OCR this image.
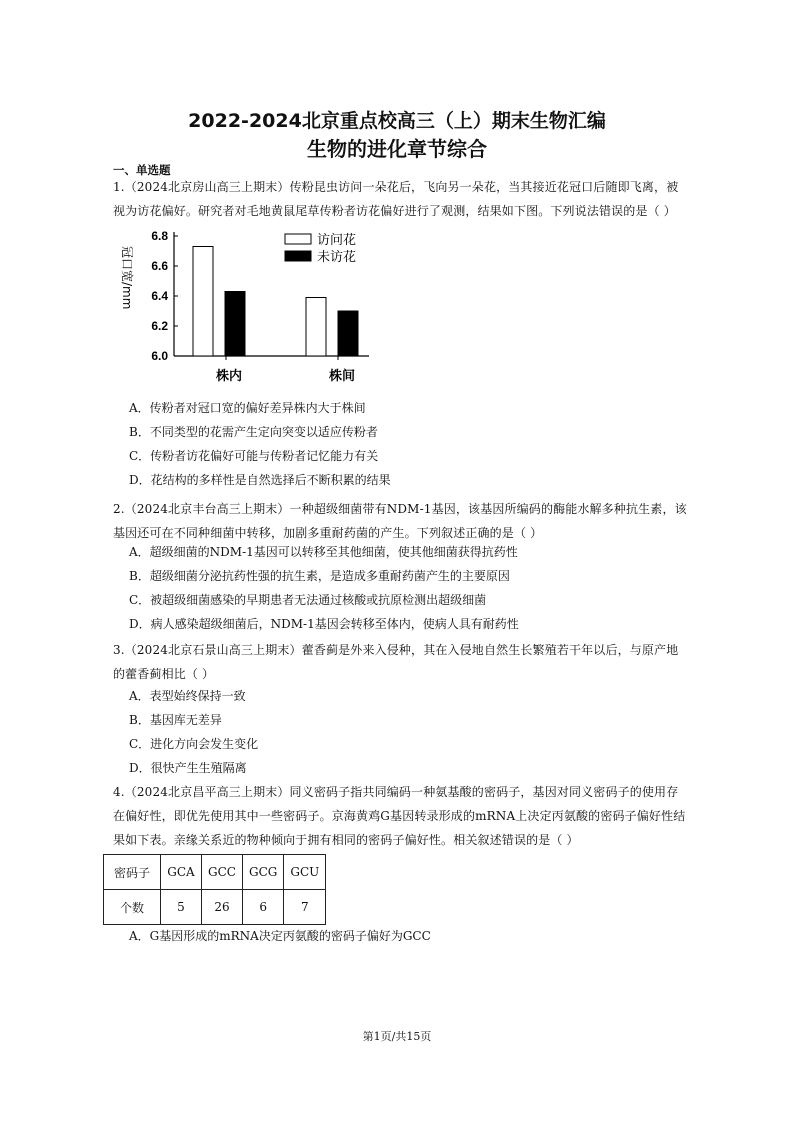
2022-2024北京重点校高三（上）期末生物汇编
生物的进化章节综合
一、单选题
1.（2024北京房山高三上期末）传粉昆虫访问一朵花后，飞向另一朵花，当其接近花冠口后随即飞离，被视为访花偏好。研究者对毛地黄鼠尾草传粉者访花偏好进行了观测，结果如下图。下列说法错误的是（ ）
6.0
6.2
6.4
6.6
6.8
冠口宽/mm
株内	株间
访问花
未访花
A．传粉者对冠口宽的偏好差异株内大于株间
B．不同类型的花需产生定向突变以适应传粉者
C．传粉者访花偏好可能与传粉者记忆能力有关
D．花结构的多样性是自然选择后不断积累的结果
2.（2024北京丰台高三上期末）一种超级细菌带有NDM-1基因，该基因所编码的酶能水解多种抗生素，该基因还可在不同种细菌中转移，加剧多重耐药菌的产生。下列叙述正确的是（ ）
A．超级细菌的NDM-1基因可以转移至其他细菌，使其他细菌获得抗药性
B．超级细菌分泌抗药性强的抗生素，是造成多重耐药菌产生的主要原因
C．被超级细菌感染的早期患者无法通过核酸或抗原检测出超级细菌
D．病人感染超级细菌后，NDM-1基因会转移至体内，使病人具有耐药性
3.（2024北京石景山高三上期末）藿香蓟是外来入侵种，其在入侵地自然生长繁殖若干年以后，与原产地的藿香蓟相比（ ）
A．表型始终保持一致
B．基因库无差异
C．进化方向会发生变化
D．很快产生生殖隔离
4.（2024北京昌平高三上期末）同义密码子指共同编码一种氨基酸的密码子，基因对同义密码子的使用存在偏好性，即优先使用其中一些密码子。京海黄鸡G基因转录形成的mRNA上决定丙氨酸的密码子偏好性结果如下表。亲缘关系近的物种倾向于拥有相同的密码子偏好性。相关叙述错误的是（ ）
密码子	GCA	GCC	GCG	GCU
个数	5	26	6	7
A．G基因形成的mRNA决定丙氨酸的密码子偏好为GCC
第1页/共15页
